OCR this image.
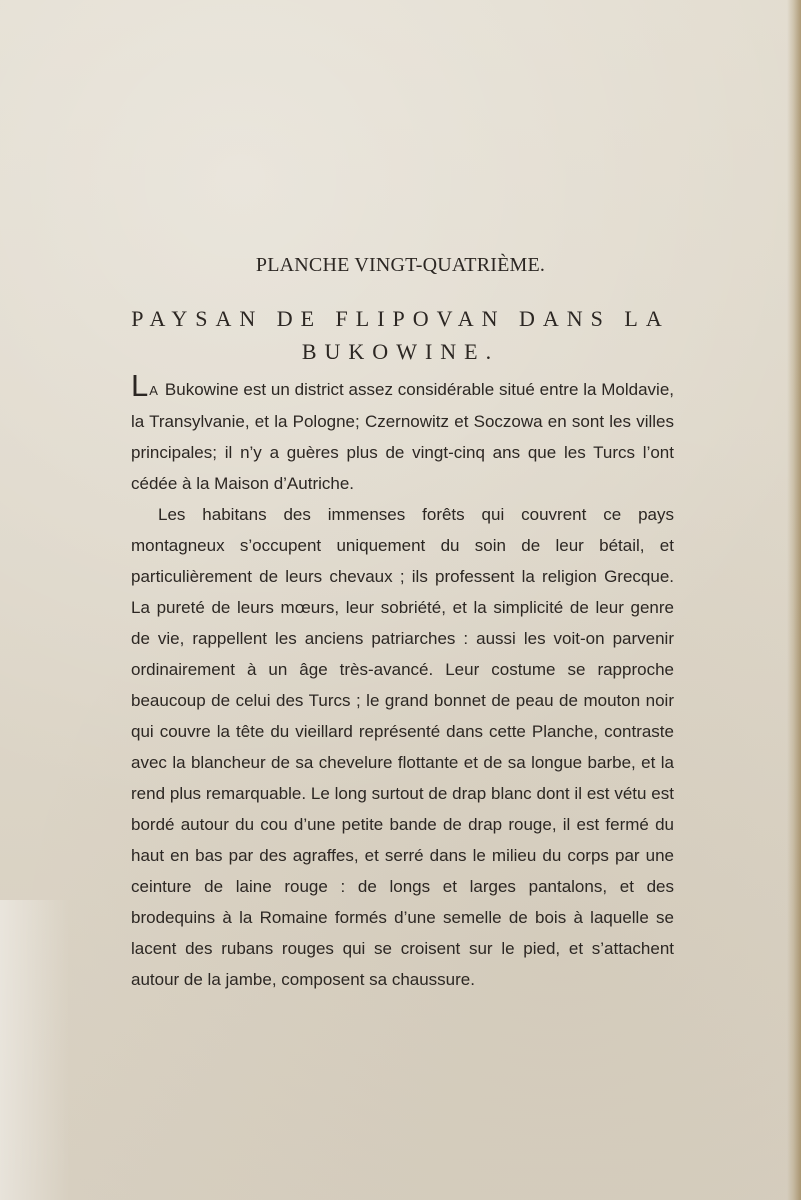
PLANCHE VINGT-QUATRIÈME.
PAYSAN DE FLIPOVAN DANS LA
BUKOWINE.

LA Bukowine est un district assez considérable situé entre la Moldavie, la Transylvanie, et la Pologne; Czernowitz et Soczowa en sont les villes principales; il n’y a guères plus de vingt-cinq ans que les Turcs l’ont cédée à la Maison d’Autriche.

Les habitans des immenses forêts qui couvrent ce pays montagneux s’occupent uniquement du soin de leur bétail, et particulièrement de leurs chevaux ; ils professent la religion Grecque. La pureté de leurs mœurs, leur sobriété, et la simplicité de leur genre de vie, rappellent les anciens patriarches : aussi les voit-on parvenir ordinairement à un âge très-avancé. Leur costume se rapproche beaucoup de celui des Turcs ; le grand bonnet de peau de mouton noir qui couvre la tête du vieillard représenté dans cette Planche, contraste avec la blancheur de sa chevelure flottante et de sa longue barbe, et la rend plus remarquable. Le long surtout de drap blanc dont il est vétu est bordé autour du cou d’une petite bande de drap rouge, il est fermé du haut en bas par des agraffes, et serré dans le milieu du corps par une ceinture de laine rouge : de longs et larges pantalons, et des brodequins à la Romaine formés d’une semelle de bois à laquelle se lacent des rubans rouges qui se croisent sur le pied, et s’attachent autour de la jambe, composent sa chaussure.
